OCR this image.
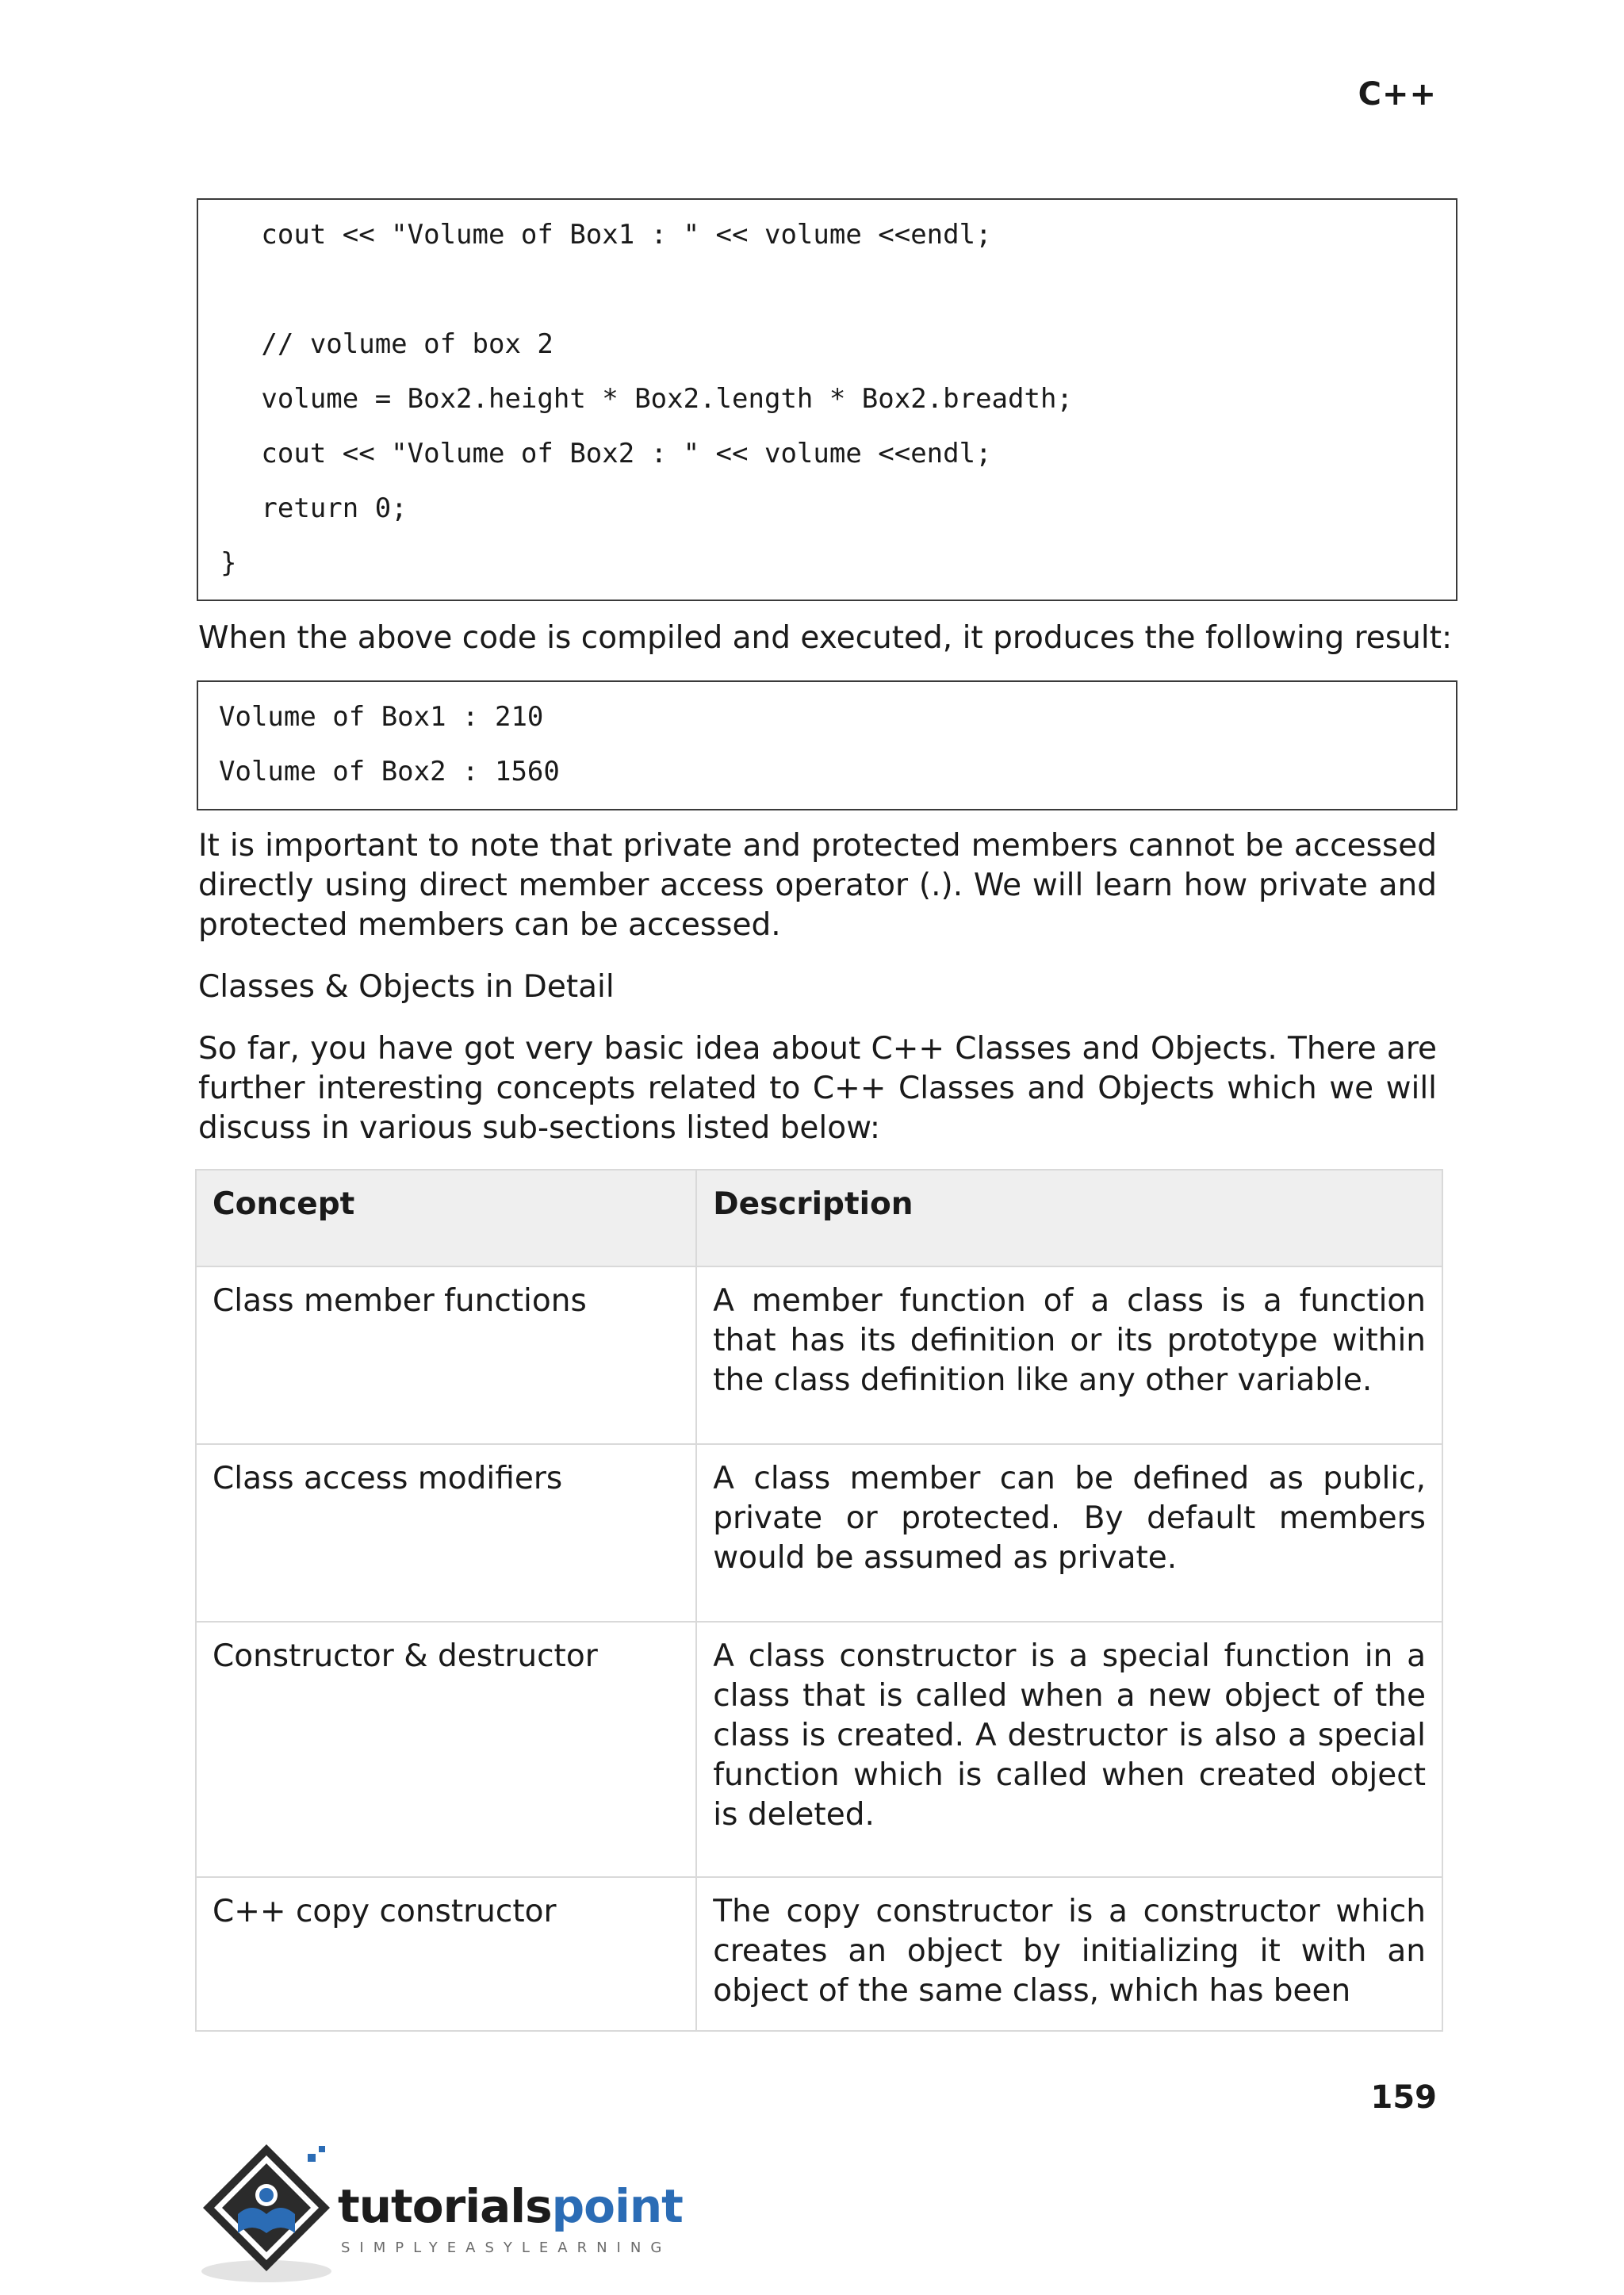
C++
cout << "Volume of Box1 : " << volume <<endl;
// volume of box 2
volume = Box2.height * Box2.length * Box2.breadth;
cout << "Volume of Box2 : " << volume <<endl;
return 0;
}

When the above code is compiled and executed, it produces the following result:

Volume of Box1 : 210
Volume of Box2 : 1560

It is important to note that private and protected members cannot be accessed directly using direct member access operator (.). We will learn how private and protected members can be accessed.

Classes & Objects in Detail

So far, you have got very basic idea about C++ Classes and Objects. There are further interesting concepts related to C++ Classes and Objects which we will discuss in various sub-sections listed below:

Concept	Description
Class member functions	A member function of a class is a function that has its definition or its prototype within the class definition like any other variable.
Class access modifiers	A class member can be defined as public, private or protected. By default members would be assumed as private.
Constructor & destructor	A class constructor is a special function in a class that is called when a new object of the class is created. A destructor is also a special function which is called when created object is deleted.
C++ copy constructor	The copy constructor is a constructor which creates an object by initializing it with an object of the same class, which has been
159
tutorialspoint
SIMPLYEASYLEARNING
